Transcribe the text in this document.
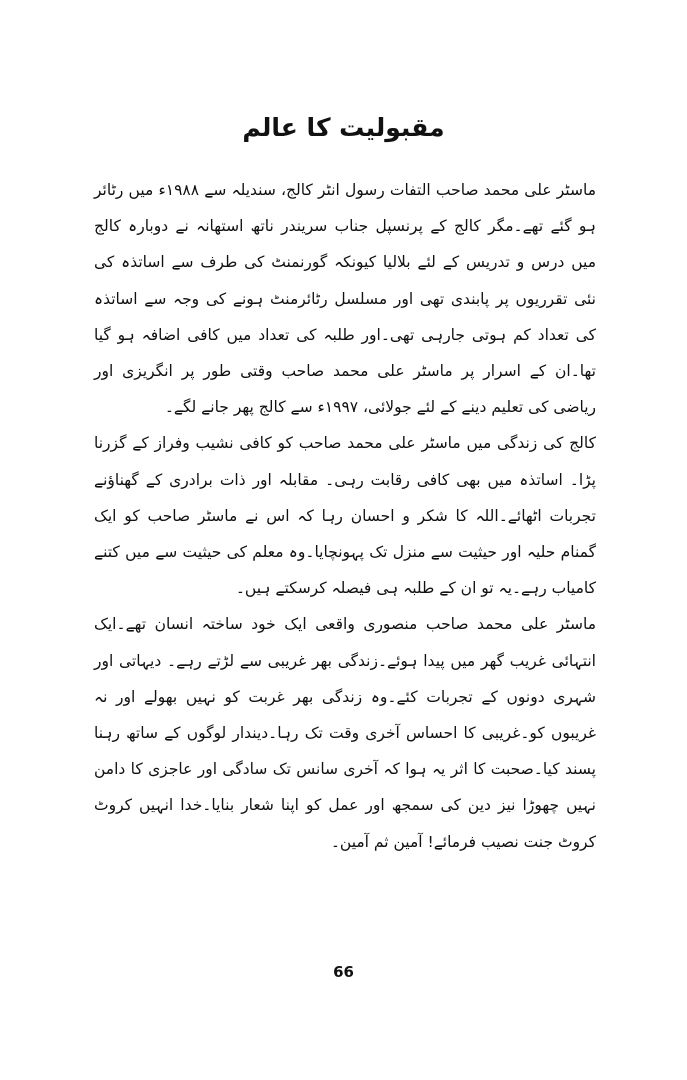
مقبولیت کا عالم

ماسٹر علی محمد صاحب التفات رسول انٹر کالج، سندیلہ سے ۱۹۸۸ء میں رٹائر ہو گئے تھے۔مگر کالج کے پرنسپل جناب سریندر ناتھ استھانہ نے دوبارہ کالج میں درس و تدریس کے لئے بلالیا کیونکہ گورنمنٹ کی طرف سے اساتذہ کی نئی تقرریوں پر پابندی تھی اور مسلسل رٹائرمنٹ ہونے کی وجہ سے اساتذہ کی تعداد کم ہوتی جارہی تھی۔اور طلبہ کی تعداد میں کافی اضافہ ہو گیا تھا۔ان کے اسرار پر ماسٹر علی محمد صاحب وقتی طور پر انگریزی اور ریاضی کی تعلیم دینے کے لئے جولائی، ۱۹۹۷ء سے کالج پھر جانے لگے۔

کالج کی زندگی میں ماسٹر علی محمد صاحب کو کافی نشیب وفراز کے گزرنا پڑا۔ اساتذہ میں بھی کافی رقابت رہی۔ مقابلہ اور ذات برادری کے گھناؤنے تجربات اٹھائے۔اللہ کا شکر و احسان رہا کہ اس نے ماسٹر صاحب کو ایک گمنام حلیہ اور حیثیت سے منزل تک پہونچایا۔وہ معلم کی حیثیت سے میں کتنے کامیاب رہے۔یہ تو ان کے طلبہ ہی فیصلہ کرسکتے ہیں۔

ماسٹر علی محمد صاحب منصوری واقعی ایک خود ساختہ انسان تھے۔ایک انتہائی غریب گھر میں پیدا ہوئے۔زندگی بھر غریبی سے لڑتے رہے۔ دیہاتی اور شہری دونوں کے تجربات کئے۔وہ زندگی بھر غربت کو نہیں بھولے اور نہ غریبوں کو۔غریبی کا احساس آخری وقت تک رہا۔دیندار لوگوں کے ساتھ رہنا پسند کیا۔صحبت کا اثر یہ ہوا کہ آخری سانس تک سادگی اور عاجزی کا دامن نہیں چھوڑا نیز دین کی سمجھ اور عمل کو اپنا شعار بنایا۔خدا انہیں کروٹ کروٹ جنت نصیب فرمائے! آمین ثم آمین۔

66
